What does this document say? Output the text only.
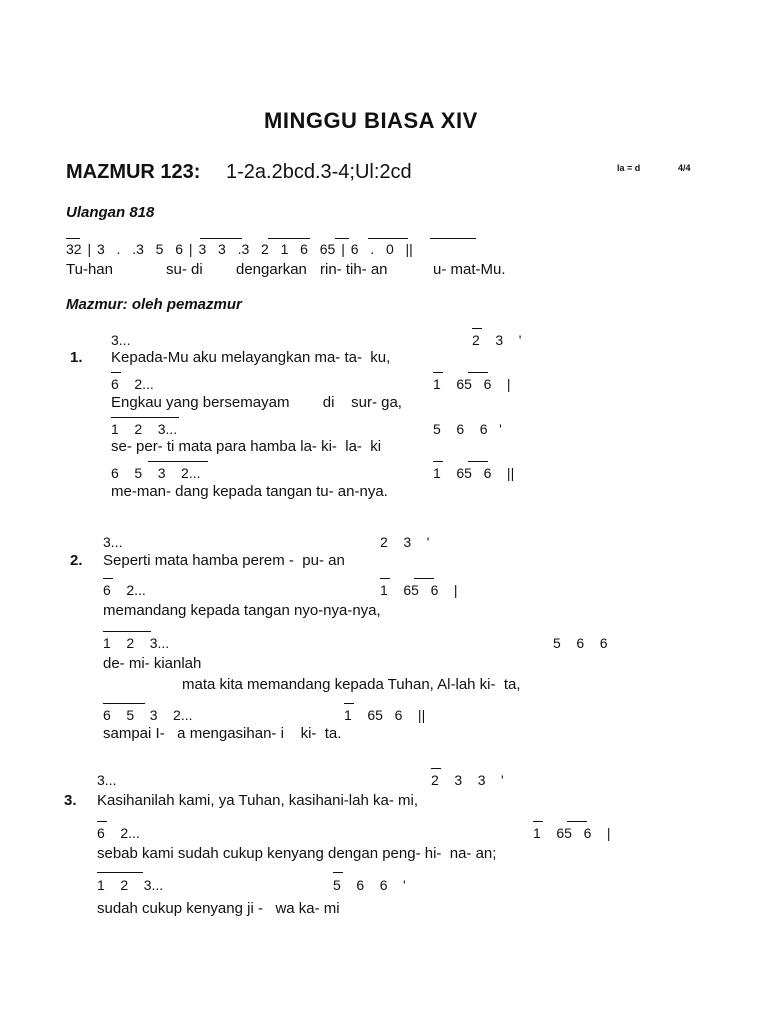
MINGGU BIASA XIV
MAZMUR 123: 1-2a.2bcd.3-4;Ul:2cd	la = d	4/4
Ulangan 818
32 | 3  .  .3  5  6 | 3  3  .3  2  1  6  65 | 6  .  0  ||
Tu-han	su- di dengarkan rin- tih- an	u- mat-Mu.
Mazmur: oleh pemazmur
1.
3...	2    3    '
Kepada-Mu aku melayangkan ma- ta-  ku,
6    2...	1    65   6    |
Engkau yang bersemayam        di    sur- ga,
1    2    3...	5    6    6   '
se- per- ti mata para hamba la- ki-  la-  ki
6    5    3    2...	1    65   6    ||
me-man- dang kepada tangan tu- an-nya.
2.
3...	2    3    '
Seperti mata hamba perem -  pu- an
6    2...	1    65   6    |
memandang kepada tangan nyo-nya-nya,
1    2    3...	5    6    6
de- mi- kianlah
mata kita memandang kepada Tuhan, Al-lah ki-  ta,
6    5    3    2...	1    65   6    ||
sampai I-   a mengasihan- i    ki-  ta.
3.
3...	2    3    3    '
Kasihanilah kami, ya Tuhan, kasihani-lah ka- mi,
6    2...	1    65   6    |
sebab kami sudah cukup kenyang dengan peng- hi-  na- an;
1    2    3...	5    6    6    '
sudah cukup kenyang ji -   wa ka- mi
